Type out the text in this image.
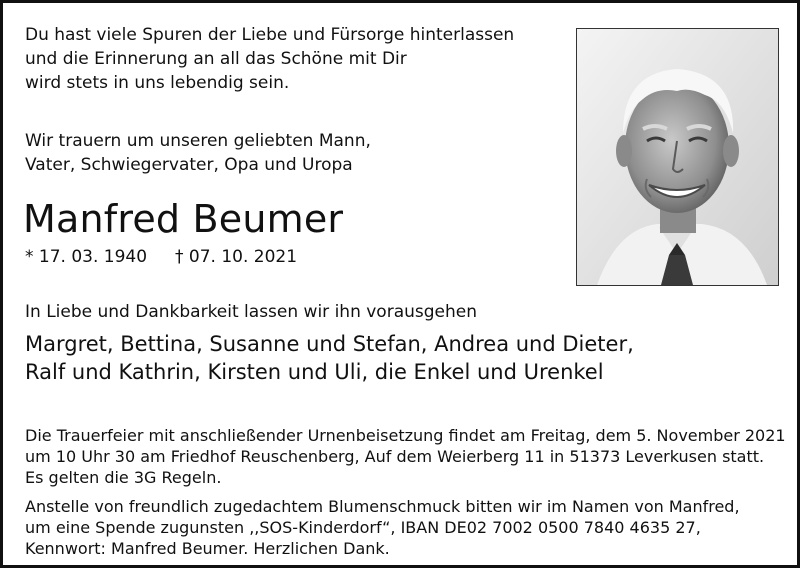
Du hast viele Spuren der Liebe und Fürsorge hinterlassen
und die Erinnerung an all das Schöne mit Dir
wird stets in uns lebendig sein.
Wir trauern um unseren geliebten Mann,
Vater, Schwiegervater, Opa und Uropa
Manfred Beumer
* 17. 03. 1940 † 07. 10. 2021
In Liebe und Dankbarkeit lassen wir ihn vorausgehen
Margret, Bettina, Susanne und Stefan, Andrea und Dieter,
Ralf und Kathrin, Kirsten und Uli, die Enkel und Urenkel
Die Trauerfeier mit anschließender Urnenbeisetzung findet am Freitag, dem 5. November 2021
um 10 Uhr 30 am Friedhof Reuschenberg, Auf dem Weierberg 11 in 51373 Leverkusen statt.
Es gelten die 3G Regeln.
Anstelle von freundlich zugedachtem Blumenschmuck bitten wir im Namen von Manfred,
um eine Spende zugunsten ,,SOS-Kinderdorf“, IBAN DE02 7002 0500 7840 4635 27,
Kennwort: Manfred Beumer. Herzlichen Dank.
